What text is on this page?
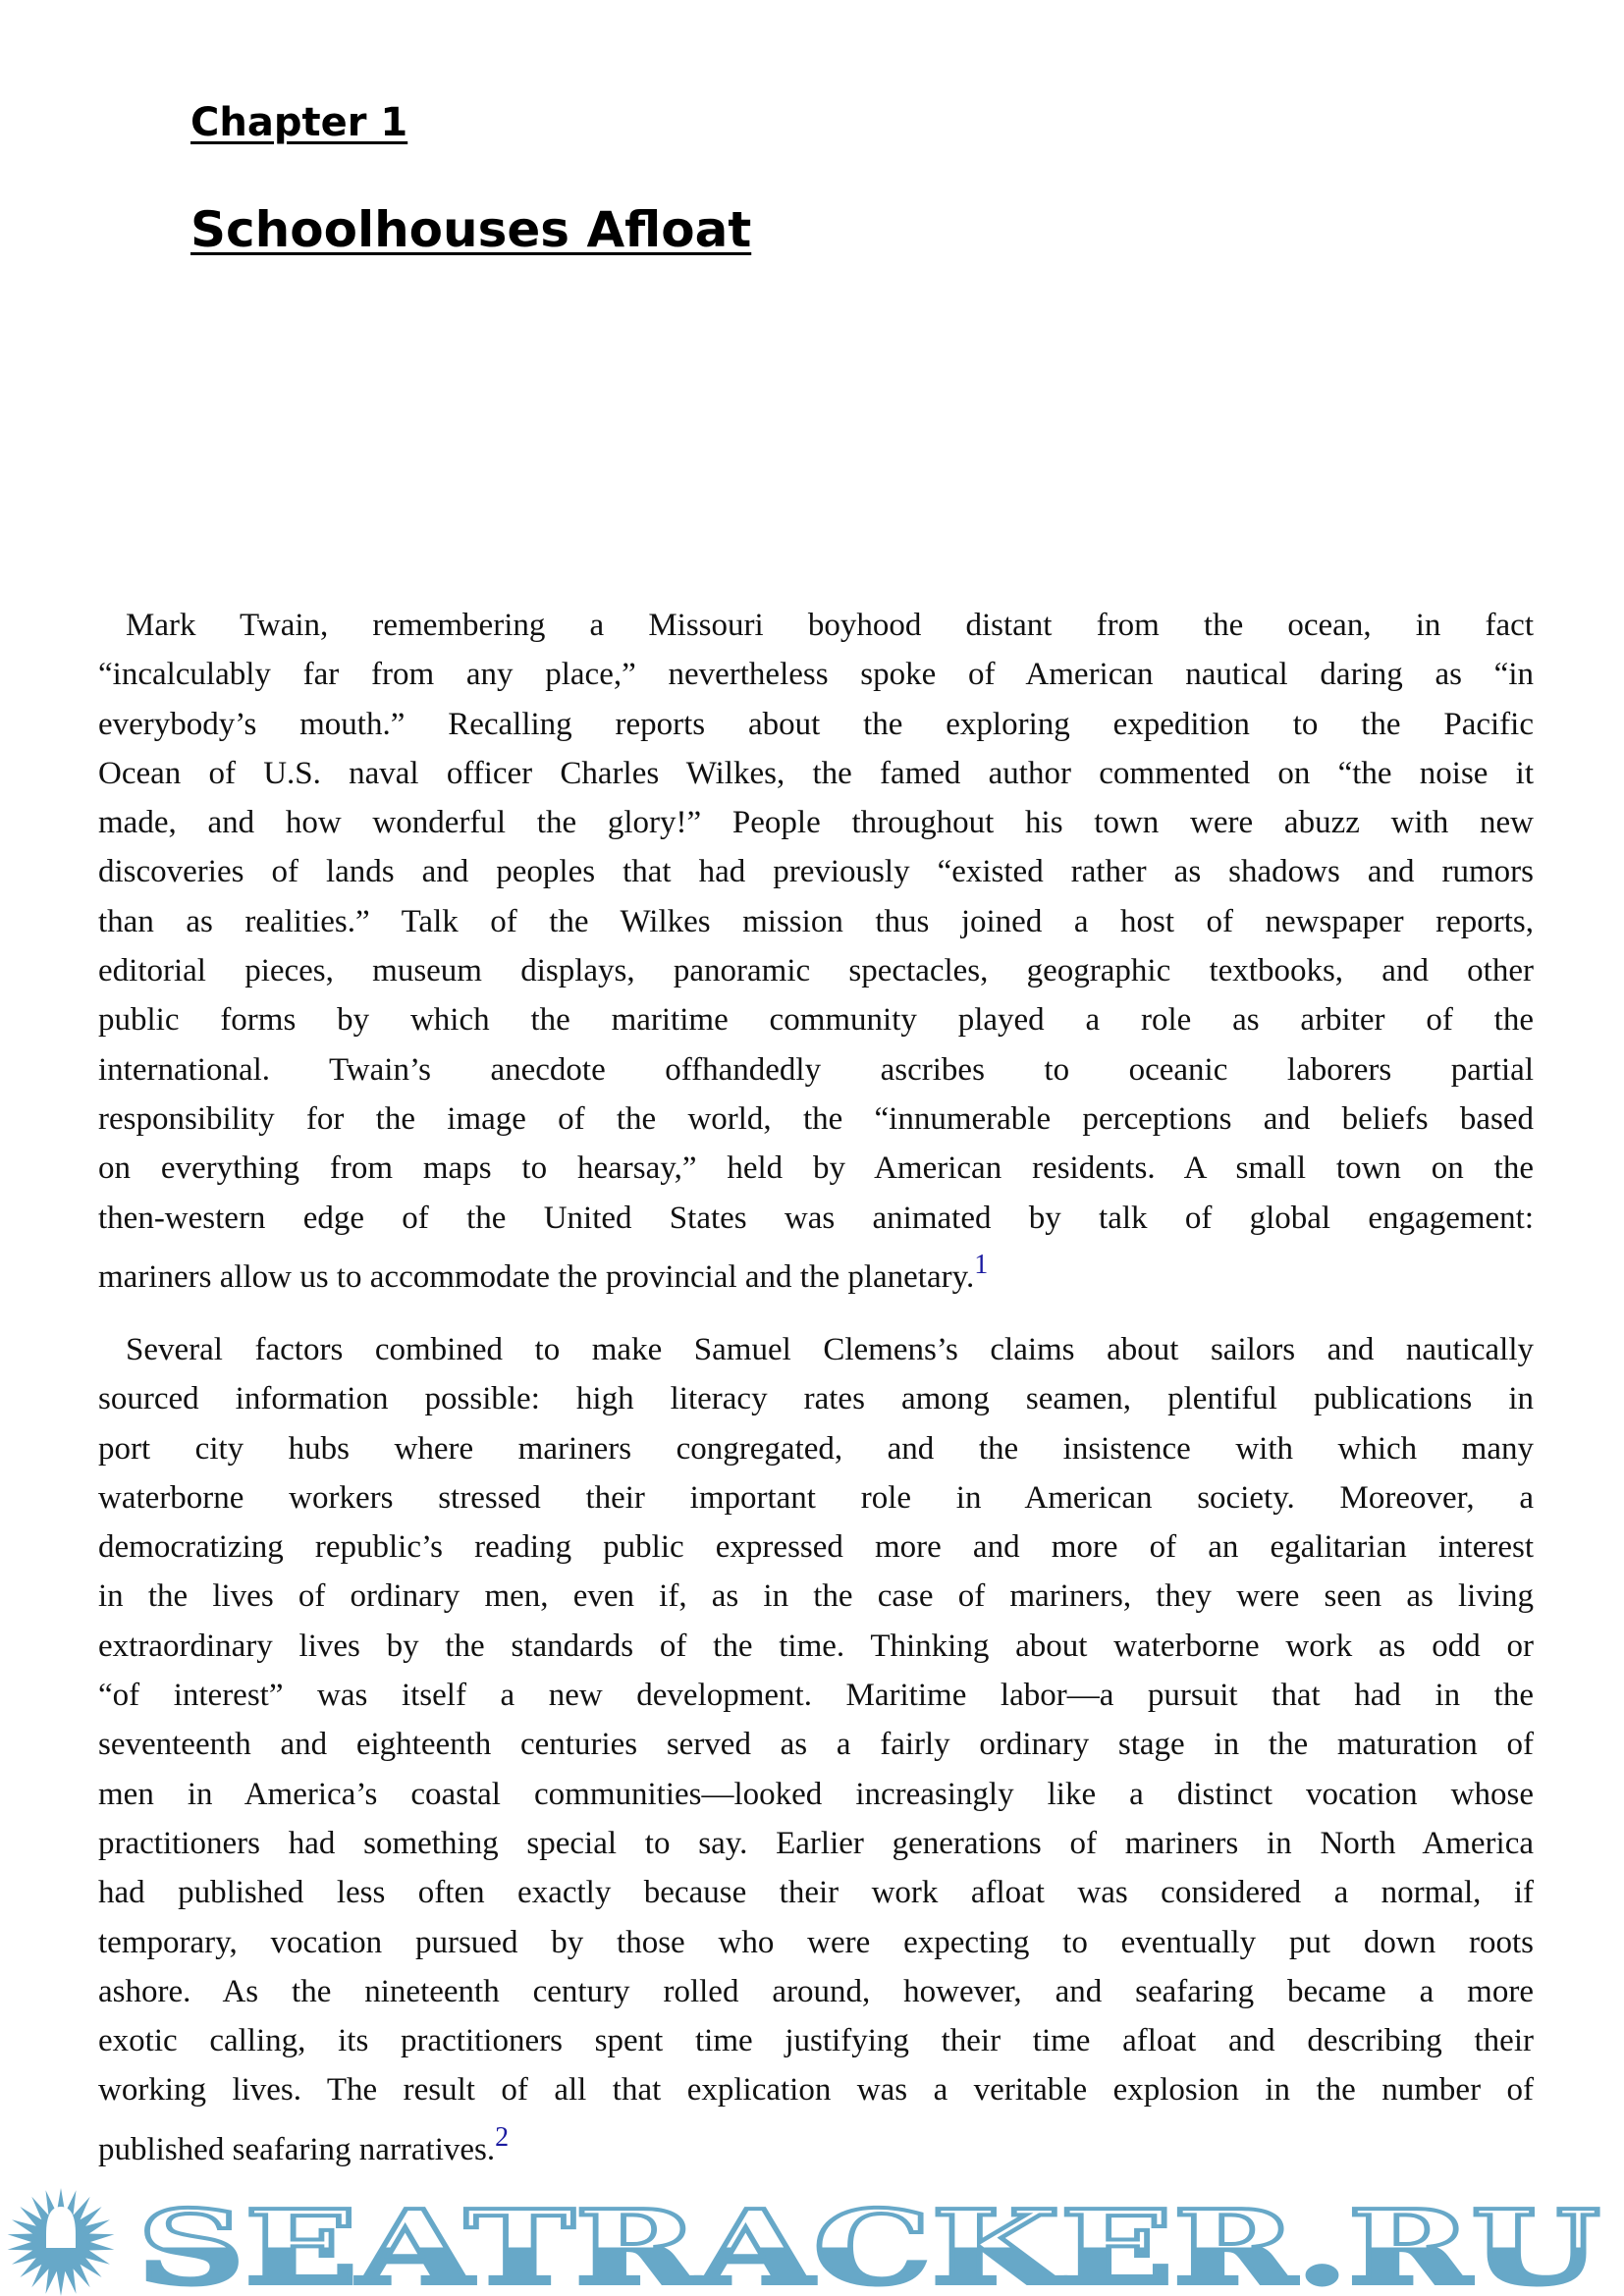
Chapter 1
Schoolhouses Afloat
Mark Twain, remembering a Missouri boyhood distant from the ocean, in fact
“incalculably far from any place,” nevertheless spoke of American nautical daring as “in
everybody’s mouth.” Recalling reports about the exploring expedition to the Pacific
Ocean of U.S. naval officer Charles Wilkes, the famed author commented on “the noise it
made, and how wonderful the glory!” People throughout his town were abuzz with new
discoveries of lands and peoples that had previously “existed rather as shadows and rumors
than as realities.” Talk of the Wilkes mission thus joined a host of newspaper reports,
editorial pieces, museum displays, panoramic spectacles, geographic textbooks, and other
public forms by which the maritime community played a role as arbiter of the
international. Twain’s anecdote offhandedly ascribes to oceanic laborers partial
responsibility for the image of the world, the “innumerable perceptions and beliefs based
on everything from maps to hearsay,” held by American residents. A small town on the
then-western edge of the United States was animated by talk of global engagement:
mariners allow us to accommodate the provincial and the planetary.$^1$
Several factors combined to make Samuel Clemens’s claims about sailors and nautically
sourced information possible: high literacy rates among seamen, plentiful publications in
port city hubs where mariners congregated, and the insistence with which many
waterborne workers stressed their important role in American society. Moreover, a
democratizing republic’s reading public expressed more and more of an egalitarian interest
in the lives of ordinary men, even if, as in the case of mariners, they were seen as living
extraordinary lives by the standards of the time. Thinking about waterborne work as odd or
“of interest” was itself a new development. Maritime labor—a pursuit that had in the
seventeenth and eighteenth centuries served as a fairly ordinary stage in the maturation of
men in America’s coastal communities—looked increasingly like a distinct vocation whose
practitioners had something special to say. Earlier generations of mariners in North America
had published less often exactly because their work afloat was considered a normal, if
temporary, vocation pursued by those who were expecting to eventually put down roots
ashore. As the nineteenth century rolled around, however, and seafaring became a more
exotic calling, its practitioners spent time justifying their time afloat and describing their
working lives. The result of all that explication was a veritable explosion in the number of
published seafaring narratives.$^2$
SEATRACKER.RU
